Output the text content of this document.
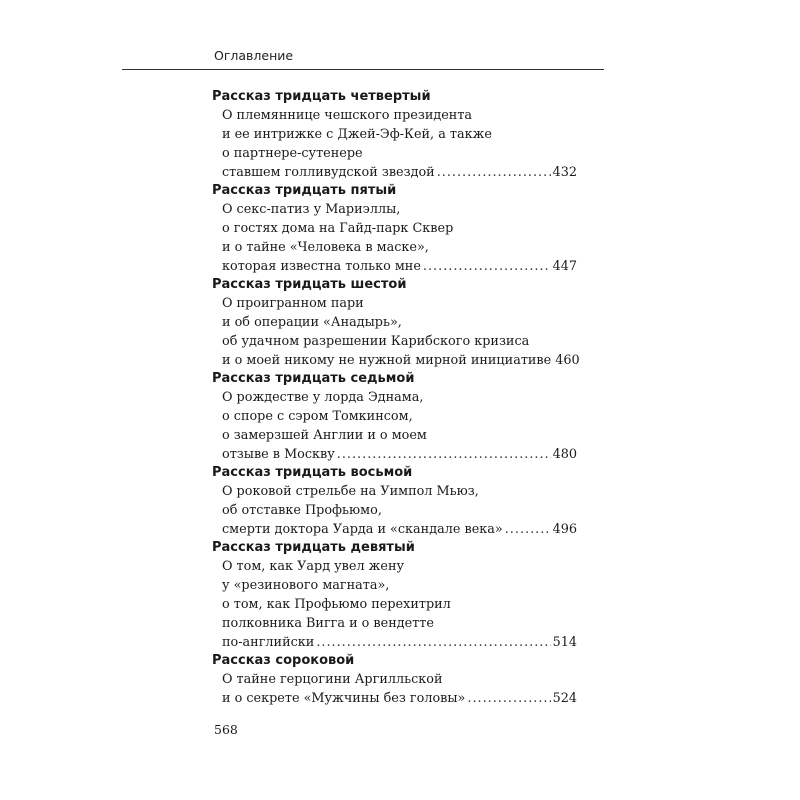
Оглавление
Рассказ тридцать четвертый
О племяннице чешского президента
и ее интрижке с Джей-Эф-Кей, а также
о партнере-сутенере
ставшем голливудской звездой .....	432
Рассказ тридцать пятый
О секс-патиз у Мариэллы,
о гостях дома на Гайд-парк Сквер
и о тайне «Человека в маске»,
которая известна только мне .....	447
Рассказ тридцать шестой
О проигранном пари
и об операции «Анадырь»,
об удачном разрешении Карибского кризиса
и о моей никому не нужной мирной инициативе 460
Рассказ тридцать седьмой
О рождестве у лорда Эднама,
о споре с сэром Томкинсом,
о замерзшей Англии и о моем
отзыве в Москву .....	480
Рассказ тридцать восьмой
О роковой стрельбе на Уимпол Мьюз,
об отставке Профьюмо,
смерти доктора Уарда и «скандале века» .....	496
Рассказ тридцать девятый
О том, как Уард увел жену
у «резинового магната»,
о том, как Профьюмо перехитрил
полковника Вигга и о вендетте
по-английски .....	514
Рассказ сороковой
О тайне герцогини Аргилльской
и о секрете «Мужчины без головы» .....	524
568
